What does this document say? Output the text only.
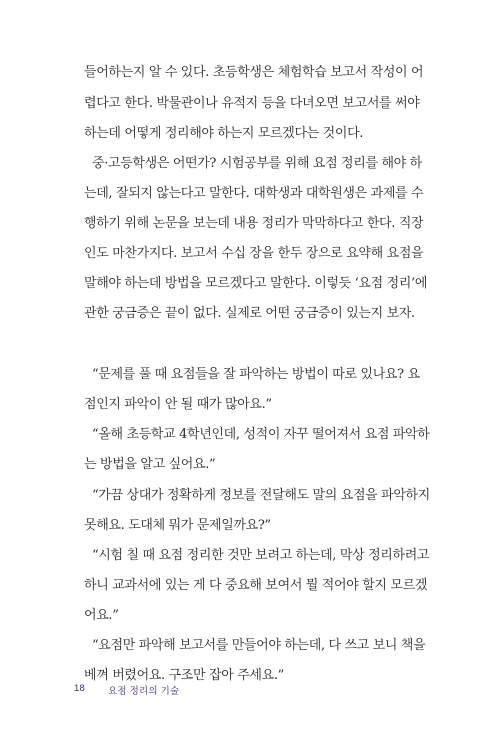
들어하는지 알 수 있다. 초등학생은 체험학습 보고서 작성이 어
렵다고 한다. 박물관이나 유적지 등을 다녀오면 보고서를 써야
하는데 어떻게 정리해야 하는지 모르겠다는 것이다.
중·고등학생은 어떤가? 시험공부를 위해 요점 정리를 해야 하
는데, 잘되지 않는다고 말한다. 대학생과 대학원생은 과제를 수
행하기 위해 논문을 보는데 내용 정리가 막막하다고 한다. 직장
인도 마찬가지다. 보고서 수십 장을 한두 장으로 요약해 요점을
말해야 하는데 방법을 모르겠다고 말한다. 이렇듯 ‘요점 정리’에
관한 궁금증은 끝이 없다. 실제로 어떤 궁금증이 있는지 보자.
“문제를 풀 때 요점들을 잘 파악하는 방법이 따로 있나요? 요
점인지 파악이 안 될 때가 많아요.”
“올해 초등학교 4학년인데, 성적이 자꾸 떨어져서 요점 파악하
는 방법을 알고 싶어요.”
“가끔 상대가 정확하게 정보를 전달해도 말의 요점을 파악하지
못해요. 도대체 뭐가 문제일까요?”
“시험 칠 때 요점 정리한 것만 보려고 하는데, 막상 정리하려고
하니 교과서에 있는 게 다 중요해 보여서 뭘 적어야 할지 모르겠
어요.”
“요점만 파악해 보고서를 만들어야 하는데, 다 쓰고 보니 책을
베껴 버렸어요. 구조만 잡아 주세요.”
18 요점 정리의 기술
